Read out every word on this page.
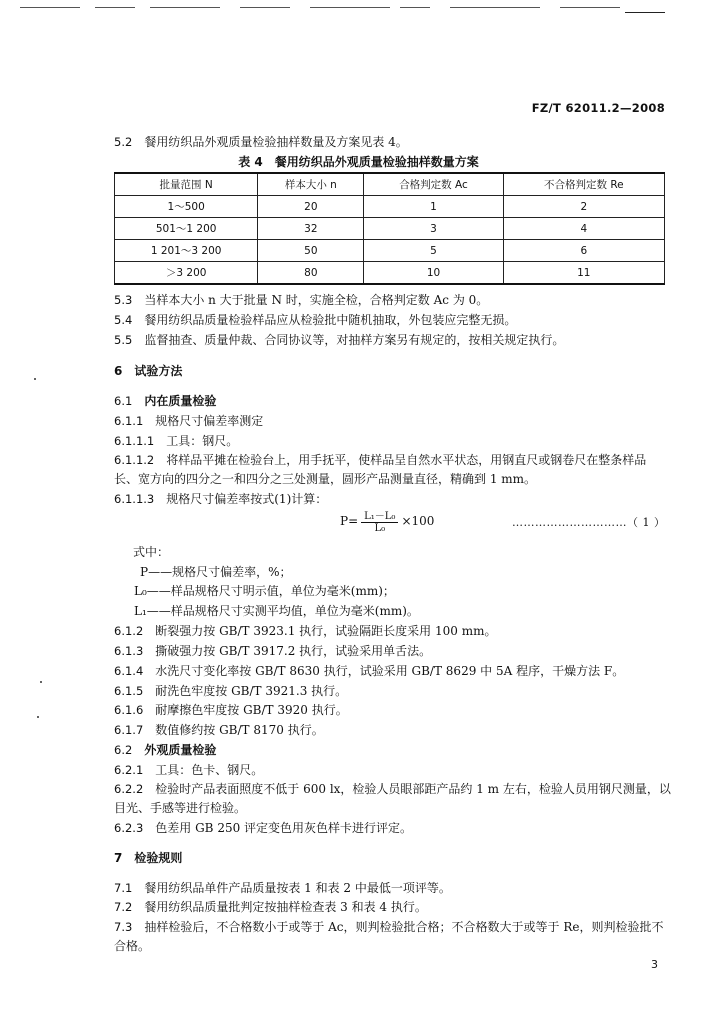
FZ/T 62011.2—2008
5.2　 餐用纺织品外观质量检验抽样数量及方案见表 4。
表 4　餐用纺织品外观质量检验抽样数量方案
批量范围 N	样本大小 n	合格判定数 Ac	不合格判定数 Re
1～500	20	1	2
501～1 200	32	3	4
1 201～3 200	50	5	6
＞3 200	80	10	11
5.3　 当样本大小 n 大于批量 N 时，实施全检，合格判定数 Ac 为 0。
5.4　 餐用纺织品质量检验样品应从检验批中随机抽取，外包装应完整无损。
5.5　 监督抽查、质量仲裁、合同协议等，对抽样方案另有规定的，按相关规定执行。
6　 试验方法
6.1　 内在质量检验
6.1.1　 规格尺寸偏差率测定
6.1.1.1　 工具：钢尺。
6.1.1.2　 将样品平摊在检验台上，用手抚平，使样品呈自然水平状态，用钢直尺或钢卷尺在整条样品
长、宽方向的四分之一和四分之三处测量，圆形产品测量直径，精确到 1 mm。
6.1.1.3　 规格尺寸偏差率按式(1)计算：
$P= \frac{\text{L₁－L₀}}{\text{L₀}} \times 100$	…………………………（ 1 ）
式中：
P——规格尺寸偏差率，%；
L₀——样品规格尺寸明示值，单位为毫米(mm)；
L₁——样品规格尺寸实测平均值，单位为毫米(mm)。
6.1.2　 断裂强力按 GB/T 3923.1 执行，试验隔距长度采用 100 mm。
6.1.3　 撕破强力按 GB/T 3917.2 执行，试验采用单舌法。
6.1.4　 水洗尺寸变化率按 GB/T 8630 执行，试验采用 GB/T 8629 中 5A 程序，干燥方法 F。
6.1.5　 耐洗色牢度按 GB/T 3921.3 执行。
6.1.6　 耐摩擦色牢度按 GB/T 3920 执行。
6.1.7　 数值修约按 GB/T 8170 执行。
6.2　 外观质量检验
6.2.1　 工具：色卡、钢尺。
6.2.2　 检验时产品表面照度不低于 600 lx，检验人员眼部距产品约 1 m 左右，检验人员用钢尺测量，以
目光、手感等进行检验。
6.2.3　 色差用 GB 250 评定变色用灰色样卡进行评定。
7　 检验规则
7.1　 餐用纺织品单件产品质量按表 1 和表 2 中最低一项评等。
7.2　 餐用纺织品质量批判定按抽样检查表 3 和表 4 执行。
7.3　 抽样检验后，不合格数小于或等于 Ac，则判检验批合格；不合格数大于或等于 Re，则判检验批不
合格。
3
